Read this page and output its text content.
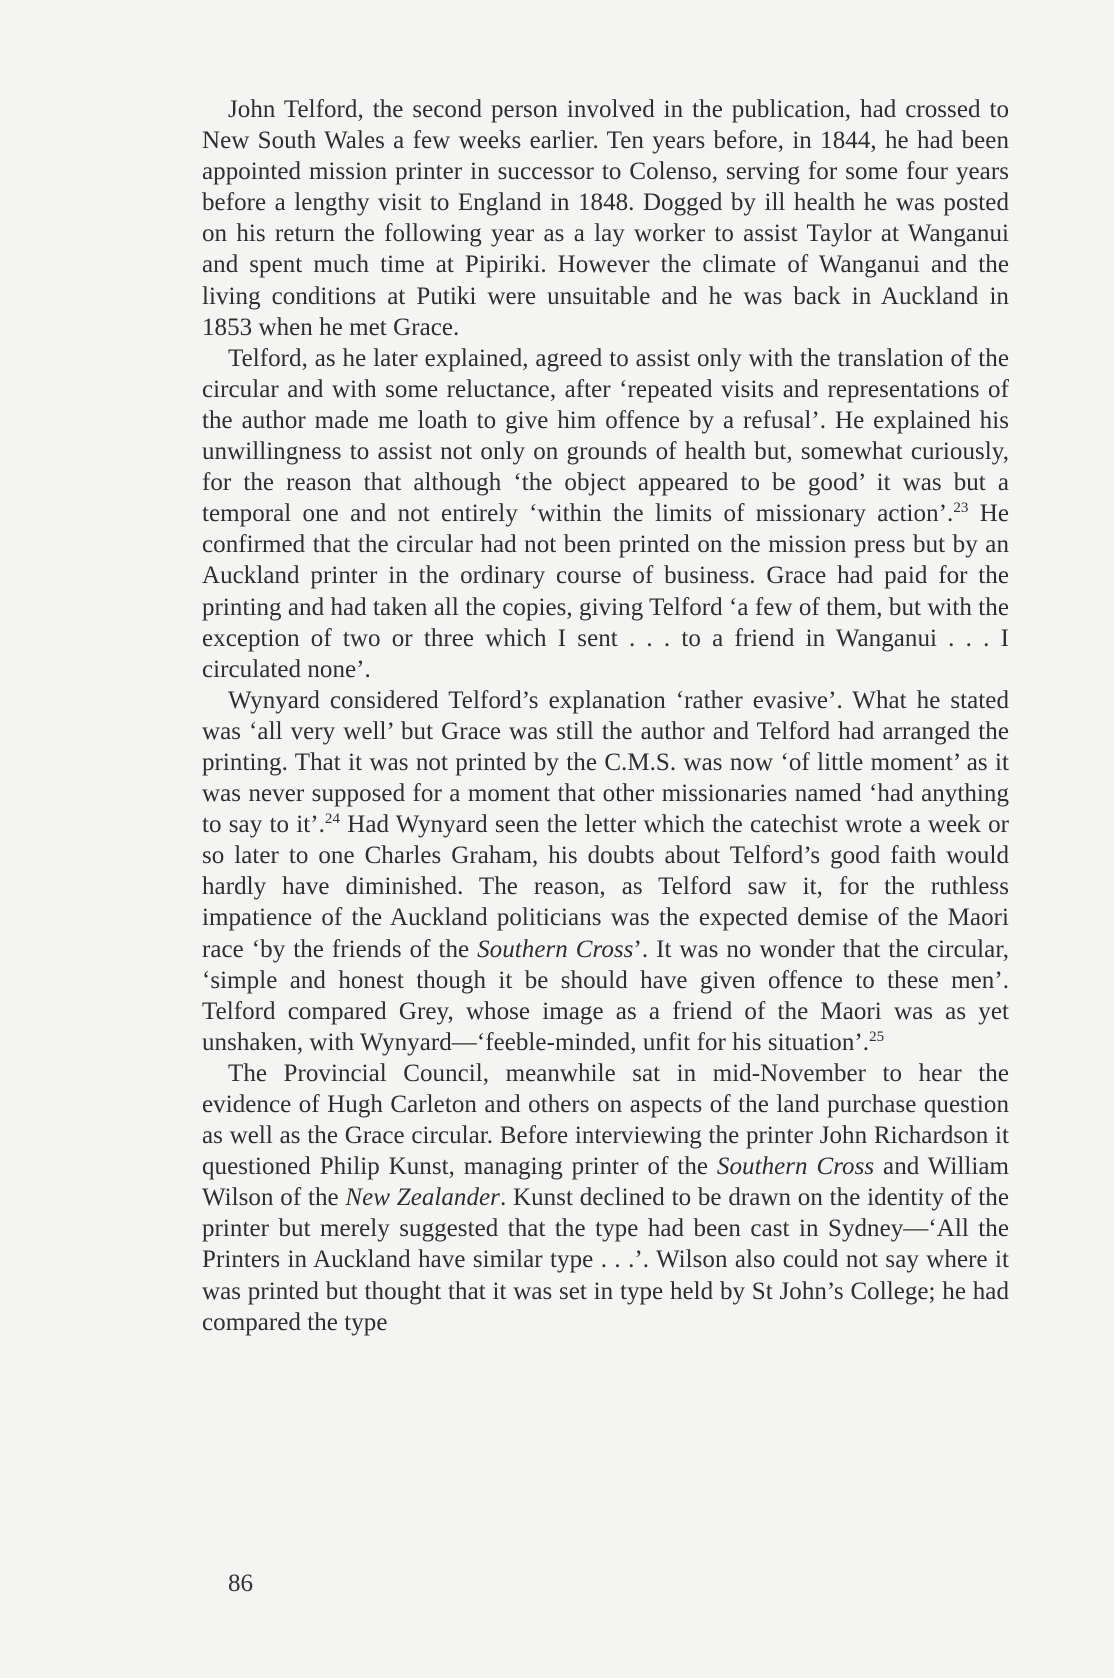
John Telford, the second person involved in the publication, had crossed to New South Wales a few weeks earlier. Ten years before, in 1844, he had been appointed mission printer in successor to Colenso, serving for some four years before a lengthy visit to England in 1848. Dogged by ill health he was posted on his return the following year as a lay worker to assist Taylor at Wanganui and spent much time at Pipiriki. However the climate of Wanganui and the living conditions at Putiki were unsuitable and he was back in Auckland in 1853 when he met Grace.

Telford, as he later explained, agreed to assist only with the translation of the circular and with some reluctance, after ‘repeated visits and representations of the author made me loath to give him offence by a refusal’. He explained his unwillingness to assist not only on grounds of health but, somewhat curiously, for the reason that although ‘the object appeared to be good’ it was but a temporal one and not entirely ‘within the limits of missionary action’.$^{23}$ He confirmed that the circular had not been printed on the mission press but by an Auckland printer in the ordinary course of business. Grace had paid for the printing and had taken all the copies, giving Telford ‘a few of them, but with the exception of two or three which I sent . . . to a friend in Wanganui . . . I circulated none’.

Wynyard considered Telford’s explanation ‘rather evasive’. What he stated was ‘all very well’ but Grace was still the author and Telford had arranged the printing. That it was not printed by the C.M.S. was now ‘of little moment’ as it was never supposed for a moment that other missionaries named ‘had anything to say to it’.$^{24}$ Had Wynyard seen the letter which the catechist wrote a week or so later to one Charles Graham, his doubts about Telford’s good faith would hardly have diminished. The reason, as Telford saw it, for the ruthless impatience of the Auckland politicians was the expected demise of the Maori race ‘by the friends of the Southern Cross’. It was no wonder that the circular, ‘simple and honest though it be should have given offence to these men’. Telford compared Grey, whose image as a friend of the Maori was as yet unshaken, with Wynyard—‘feeble-minded, unfit for his situation’.$^{25}$

The Provincial Council, meanwhile sat in mid-November to hear the evidence of Hugh Carleton and others on aspects of the land purchase question as well as the Grace circular. Before interviewing the printer John Richardson it questioned Philip Kunst, managing printer of the Southern Cross and William Wilson of the New Zealander. Kunst declined to be drawn on the identity of the printer but merely suggested that the type had been cast in Sydney—‘All the Printers in Auckland have similar type . . .’. Wilson also could not say where it was printed but thought that it was set in type held by St John’s College; he had compared the type

86
